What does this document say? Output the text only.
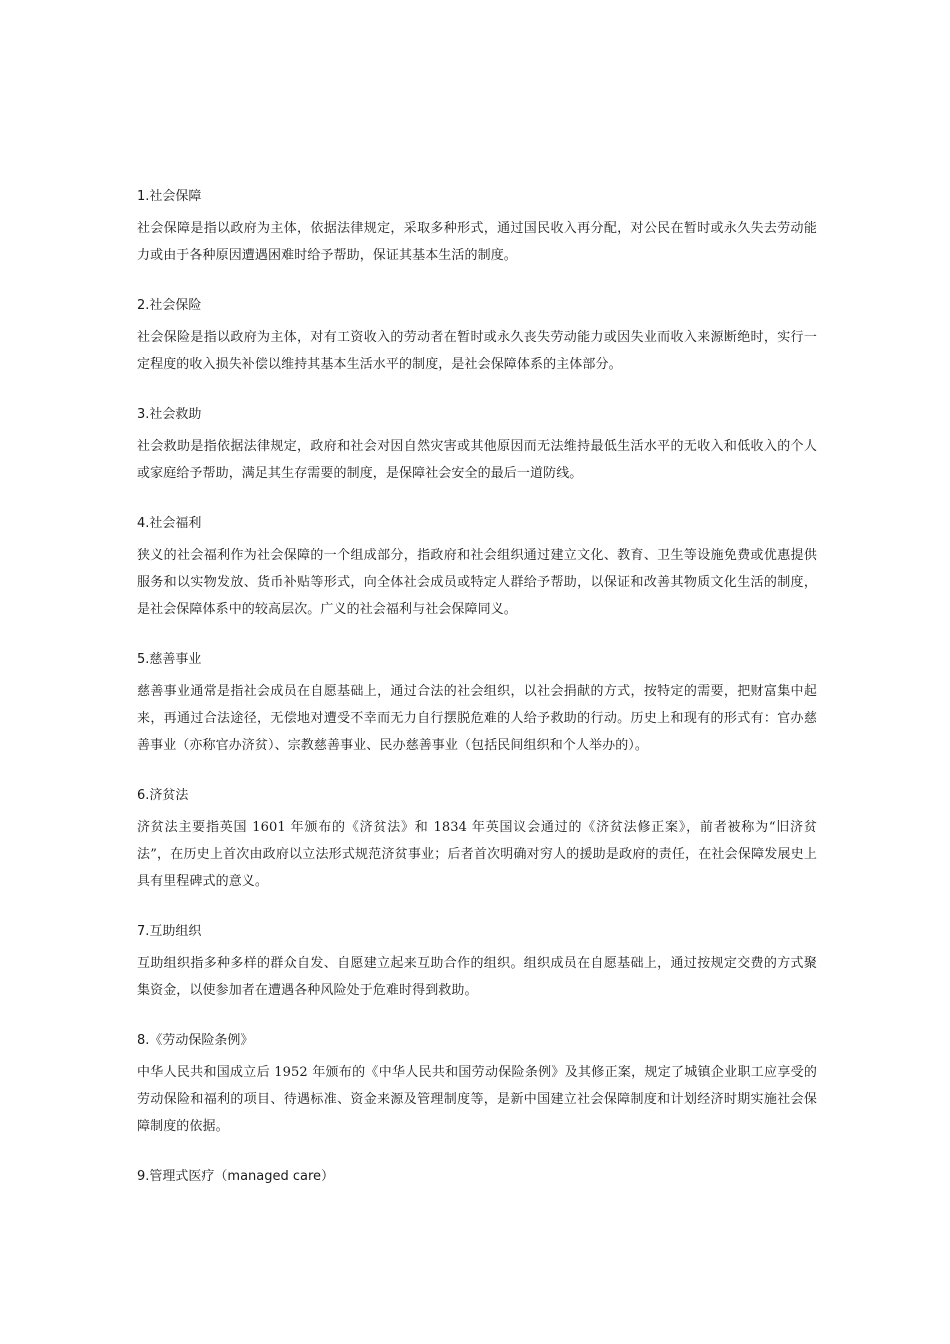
1.社会保障

社会保障是指以政府为主体，依据法律规定，采取多种形式，通过国民收入再分配，对公民在暂时或永久失去劳动能力或由于各种原因遭遇困难时给予帮助，保证其基本生活的制度。

2.社会保险

社会保险是指以政府为主体，对有工资收入的劳动者在暂时或永久丧失劳动能力或因失业而收入来源断绝时，实行一定程度的收入损失补偿以维持其基本生活水平的制度，是社会保障体系的主体部分。

3.社会救助

社会救助是指依据法律规定，政府和社会对因自然灾害或其他原因而无法维持最低生活水平的无收入和低收入的个人或家庭给予帮助，满足其生存需要的制度，是保障社会安全的最后一道防线。

4.社会福利

狭义的社会福利作为社会保障的一个组成部分，指政府和社会组织通过建立文化、教育、卫生等设施免费或优惠提供服务和以实物发放、货币补贴等形式，向全体社会成员或特定人群给予帮助，以保证和改善其物质文化生活的制度，是社会保障体系中的较高层次。广义的社会福利与社会保障同义。

5.慈善事业

慈善事业通常是指社会成员在自愿基础上，通过合法的社会组织，以社会捐献的方式，按特定的需要，把财富集中起来，再通过合法途径，无偿地对遭受不幸而无力自行摆脱危难的人给予救助的行动。历史上和现有的形式有：官办慈善事业（亦称官办济贫）、宗教慈善事业、民办慈善事业（包括民间组织和个人举办的）。

6.济贫法

济贫法主要指英国 1601 年颁布的《济贫法》和 1834 年英国议会通过的《济贫法修正案》，前者被称为“旧济贫法”，在历史上首次由政府以立法形式规范济贫事业；后者首次明确对穷人的援助是政府的责任，在社会保障发展史上具有里程碑式的意义。

7.互助组织

互助组织指多种多样的群众自发、自愿建立起来互助合作的组织。组织成员在自愿基础上，通过按规定交费的方式聚集资金，以使参加者在遭遇各种风险处于危难时得到救助。

8.《劳动保险条例》

中华人民共和国成立后 1952 年颁布的《中华人民共和国劳动保险条例》及其修正案，规定了城镇企业职工应享受的劳动保险和福利的项目、待遇标准、资金来源及管理制度等，是新中国建立社会保障制度和计划经济时期实施社会保障制度的依据。

9.管理式医疗（managed care）
